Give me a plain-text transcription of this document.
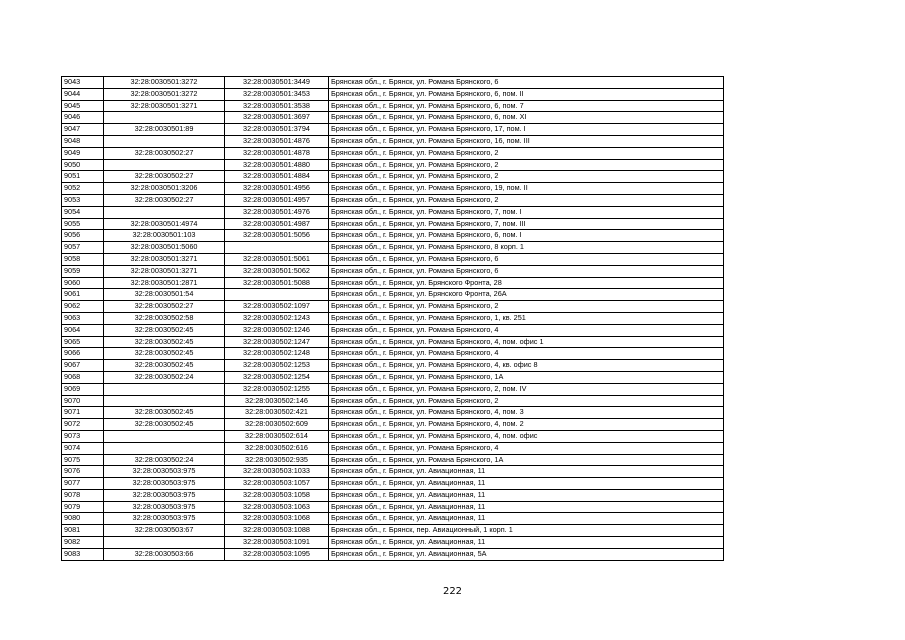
9043	32:28:0030501:3272	32:28:0030501:3449	Брянская обл., г. Брянск, ул. Романа Брянского, 6
9044	32:28:0030501:3272	32:28:0030501:3453	Брянская обл., г. Брянск, ул. Романа Брянского, 6, пом. II
9045	32:28:0030501:3271	32:28:0030501:3538	Брянская обл., г. Брянск, ул. Романа Брянского, 6, пом. 7
9046		32:28:0030501:3697	Брянская обл., г. Брянск, ул. Романа Брянского, 6, пом. XI
9047	32:28:0030501:89	32:28:0030501:3794	Брянская обл., г. Брянск, ул. Романа Брянского, 17, пом. I
9048		32:28:0030501:4876	Брянская обл., г. Брянск, ул. Романа Брянского, 16, пом. III
9049	32:28:0030502:27	32:28:0030501:4878	Брянская обл., г. Брянск, ул. Романа Брянского, 2
9050		32:28:0030501:4880	Брянская обл., г. Брянск, ул. Романа Брянского, 2
9051	32:28:0030502:27	32:28:0030501:4884	Брянская обл., г. Брянск, ул. Романа Брянского, 2
9052	32:28:0030501:3206	32:28:0030501:4956	Брянская обл., г. Брянск, ул. Романа Брянского, 19, пом. II
9053	32:28:0030502:27	32:28:0030501:4957	Брянская обл., г. Брянск, ул. Романа Брянского, 2
9054		32:28:0030501:4976	Брянская обл., г. Брянск, ул. Романа Брянского, 7, пом. I
9055	32:28:0030501:4974	32:28:0030501:4987	Брянская обл., г. Брянск, ул. Романа Брянского, 7, пом. III
9056	32:28:0030501:103	32:28:0030501:5056	Брянская обл., г. Брянск, ул. Романа Брянского, 6, пом. I
9057	32:28:0030501:5060		Брянская обл., г. Брянск, ул. Романа Брянского, 8 корп. 1
9058	32:28:0030501:3271	32:28:0030501:5061	Брянская обл., г. Брянск, ул. Романа Брянского, 6
9059	32:28:0030501:3271	32:28:0030501:5062	Брянская обл., г. Брянск, ул. Романа Брянского, 6
9060	32:28:0030501:2871	32:28:0030501:5088	Брянская обл., г. Брянск, ул. Брянского Фронта, 28
9061	32:28:0030501:54		Брянская обл., г. Брянск, ул. Брянского Фронта, 26А
9062	32:28:0030502:27	32:28:0030502:1097	Брянская обл., г. Брянск, ул. Романа Брянского, 2
9063	32:28:0030502:58	32:28:0030502:1243	Брянская обл., г. Брянск, ул. Романа Брянского, 1, кв. 251
9064	32:28:0030502:45	32:28:0030502:1246	Брянская обл., г. Брянск, ул. Романа Брянского, 4
9065	32:28:0030502:45	32:28:0030502:1247	Брянская обл., г. Брянск, ул. Романа Брянского, 4, пом. офис 1
9066	32:28:0030502:45	32:28:0030502:1248	Брянская обл., г. Брянск, ул. Романа Брянского, 4
9067	32:28:0030502:45	32:28:0030502:1253	Брянская обл., г. Брянск, ул. Романа Брянского, 4, кв. офис 8
9068	32:28:0030502:24	32:28:0030502:1254	Брянская обл., г. Брянск, ул. Романа Брянского, 1А
9069		32:28:0030502:1255	Брянская обл., г. Брянск, ул. Романа Брянского, 2, пом. IV
9070		32:28:0030502:146	Брянская обл., г. Брянск, ул. Романа Брянского, 2
9071	32:28:0030502:45	32:28:0030502:421	Брянская обл., г. Брянск, ул. Романа Брянского, 4, пом. 3
9072	32:28:0030502:45	32:28:0030502:609	Брянская обл., г. Брянск, ул. Романа Брянского, 4, пом. 2
9073		32:28:0030502:614	Брянская обл., г. Брянск, ул. Романа Брянского, 4, пом. офис
9074		32:28:0030502:616	Брянская обл., г. Брянск, ул. Романа Брянского, 4
9075	32:28:0030502:24	32:28:0030502:935	Брянская обл., г. Брянск, ул. Романа Брянского, 1А
9076	32:28:0030503:975	32:28:0030503:1033	Брянская обл., г. Брянск, ул. Авиационная, 11
9077	32:28:0030503:975	32:28:0030503:1057	Брянская обл., г. Брянск, ул. Авиационная, 11
9078	32:28:0030503:975	32:28:0030503:1058	Брянская обл., г. Брянск, ул. Авиационная, 11
9079	32:28:0030503:975	32:28:0030503:1063	Брянская обл., г. Брянск, ул. Авиационная, 11
9080	32:28:0030503:975	32:28:0030503:1068	Брянская обл., г. Брянск, ул. Авиационная, 11
9081	32:28:0030503:67	32:28:0030503:1088	Брянская обл., г. Брянск, пер. Авиационный, 1 корп. 1
9082		32:28:0030503:1091	Брянская обл., г. Брянск, ул. Авиационная, 11
9083	32:28:0030503:66	32:28:0030503:1095	Брянская обл., г. Брянск, ул. Авиационная, 5А
222
